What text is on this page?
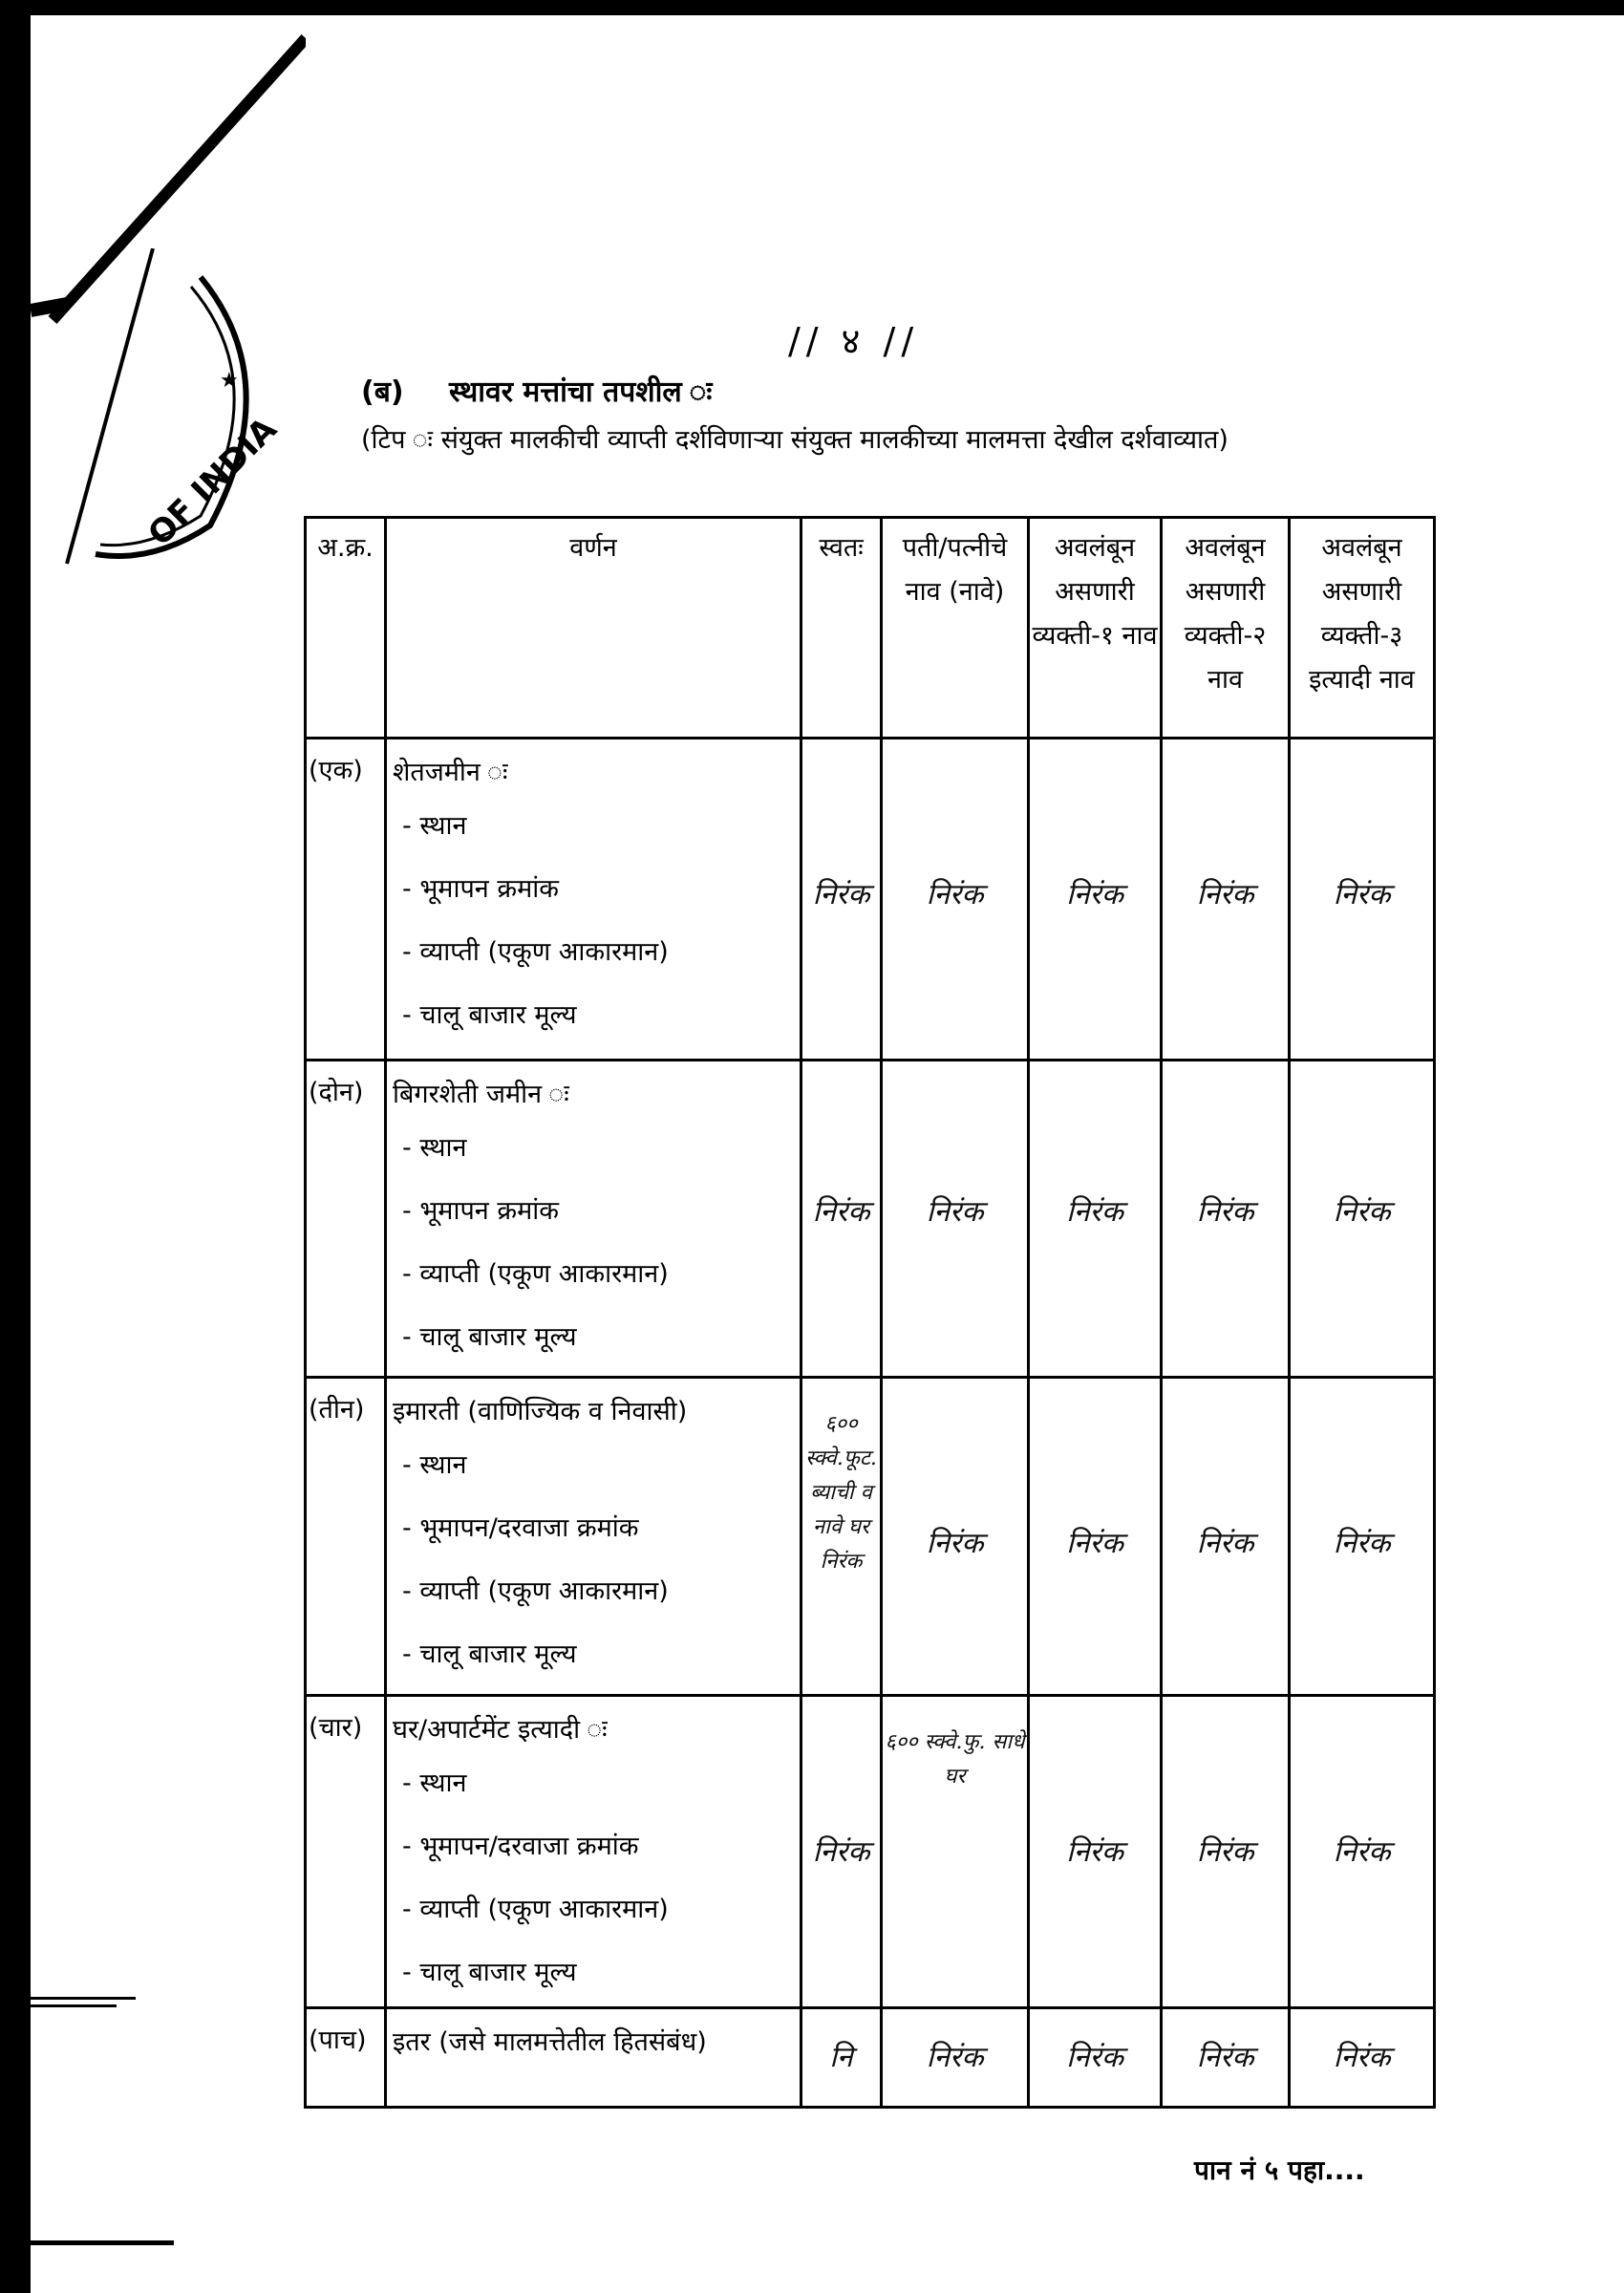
OF INDIA
★
// ४ //
(ब) स्थावर मत्तांचा तपशील ः
(टिप ः संयुक्त मालकीची व्याप्ती दर्शविणाऱ्या संयुक्त मालकीच्या मालमत्ता देखील दर्शवाव्यात)
अ.क्र.	वर्णन	स्वतः	पती/पत्नीचे नाव (नावे)	अवलंबून असणारी व्यक्ती-१ नाव	अवलंबून असणारी व्यक्ती-२ नाव	अवलंबून असणारी व्यक्ती-३ इत्यादी नाव
(एक)	शेतजमीन ः
- स्थान
- भूमापन क्रमांक
- व्याप्ती (एकूण आकारमान)
- चालू बाजार मूल्य	निरंक	निरंक	निरंक	निरंक	निरंक

(दोन)	बिगरशेती जमीन ः
- स्थान
- भूमापन क्रमांक
- व्याप्ती (एकूण आकारमान)
- चालू बाजार मूल्य	निरंक	निरंक	निरंक	निरंक	निरंक

(तीन)	इमारती (वाणिज्यिक व निवासी)
- स्थान
- भूमापन/दरवाजा क्रमांक
- व्याप्ती (एकूण आकारमान)
- चालू बाजार मूल्य	६०० स्क्वे.फूट. ब्याची व नावे घर निरंक	निरंक	निरंक	निरंक	निरंक

(चार)	घर/अपार्टमेंट इत्यादी ः
- स्थान
- भूमापन/दरवाजा क्रमांक
- व्याप्ती (एकूण आकारमान)
- चालू बाजार मूल्य	निरंक	६०० स्क्वे.फु. साधे घर	निरंक	निरंक	निरंक

(पाच)	इतर (जसे मालमत्तेतील हितसंबंध)	नि	निरंक	निरंक	निरंक	निरंक
पान नं ५ पहा....
